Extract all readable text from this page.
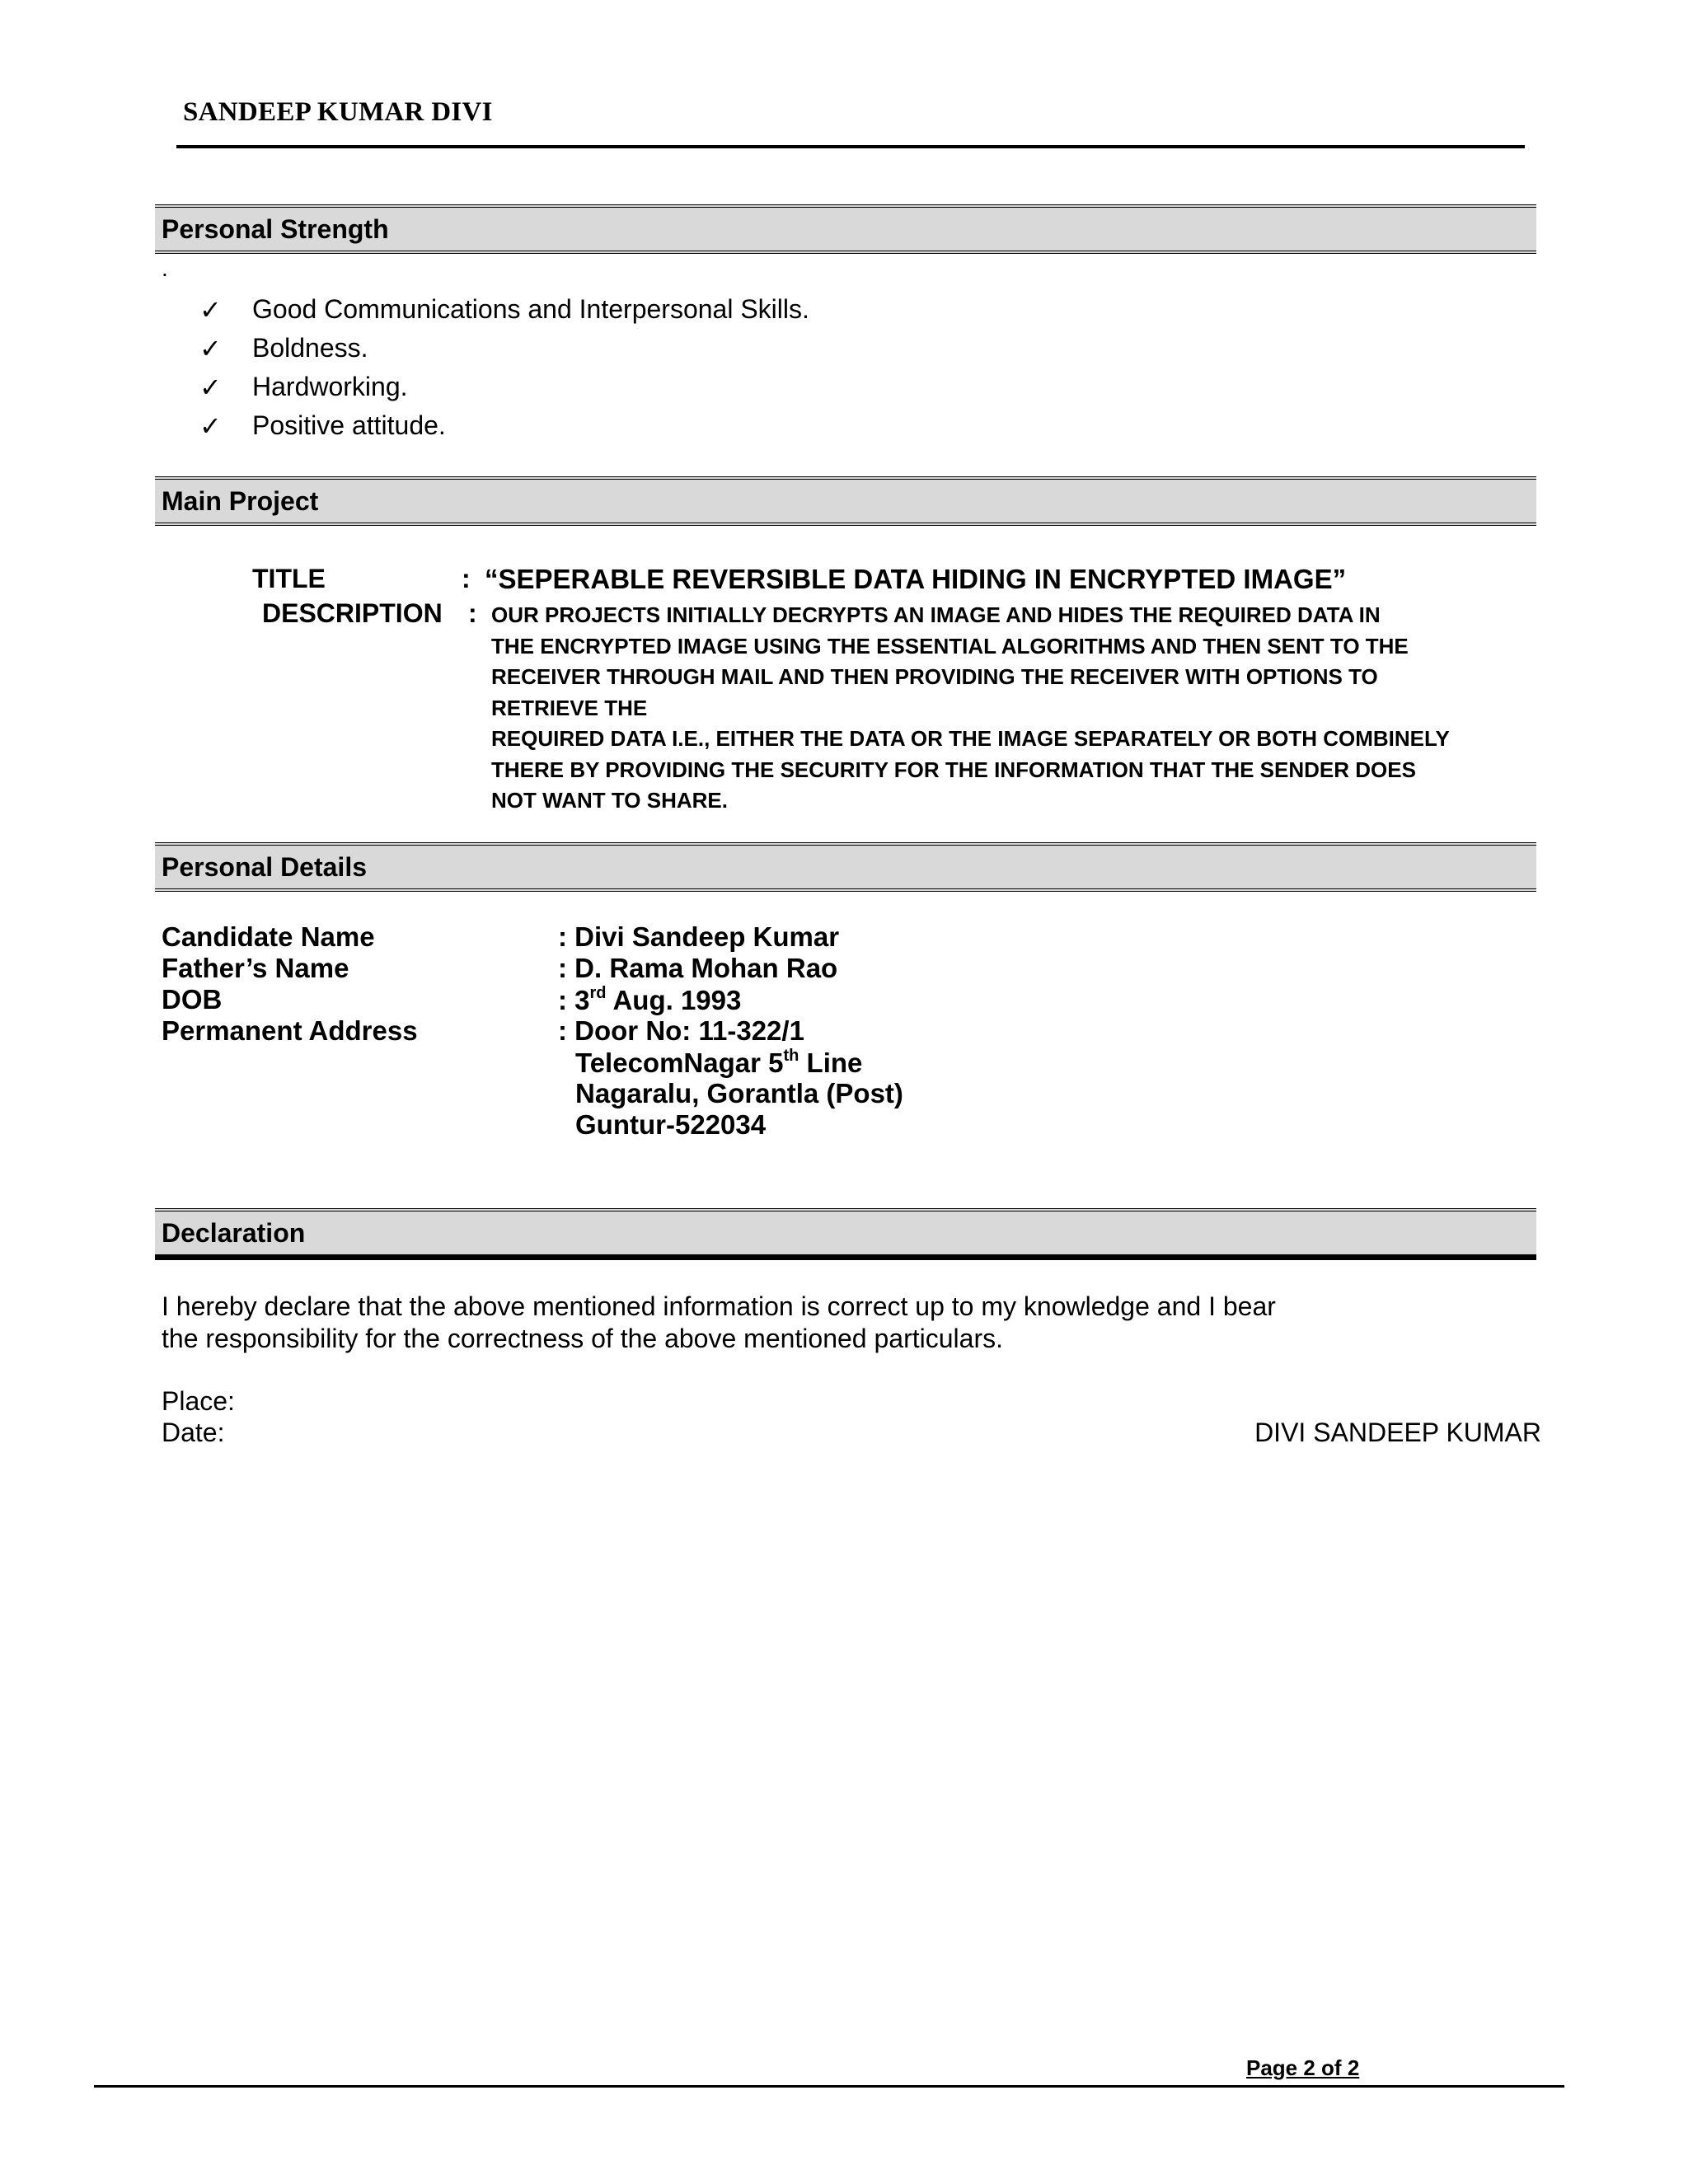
SANDEEP KUMAR DIVI
Personal Strength
.
✓	Good Communications and Interpersonal Skills.
✓	Boldness.
✓	Hardworking.
✓	Positive attitude.
Main Project
TITLE	: “SEPERABLE REVERSIBLE DATA HIDING IN ENCRYPTED IMAGE”
DESCRIPTION : OUR PROJECTS INITIALLY DECRYPTS AN IMAGE AND HIDES THE REQUIRED DATA IN
THE ENCRYPTED IMAGE USING THE ESSENTIAL ALGORITHMS AND THEN SENT TO THE
RECEIVER THROUGH MAIL AND THEN PROVIDING THE RECEIVER WITH OPTIONS TO
RETRIEVE THE
REQUIRED DATA I.E., EITHER THE DATA OR THE IMAGE SEPARATELY OR BOTH COMBINELY
THERE BY PROVIDING THE SECURITY FOR THE INFORMATION THAT THE SENDER DOES
NOT WANT TO SHARE.
Personal Details
Candidate Name	: Divi Sandeep Kumar
Father’s Name	: D. Rama Mohan Rao
DOB	: 3rd Aug. 1993
Permanent Address	: Door No: 11-322/1
TelecomNagar 5th Line
Nagaralu, Gorantla (Post)
Guntur-522034
Declaration
I hereby declare that the above mentioned information is correct up to my knowledge and I bear
the responsibility for the correctness of the above mentioned particulars.
Place:
Date:	DIVI SANDEEP KUMAR
Page 2 of 2
